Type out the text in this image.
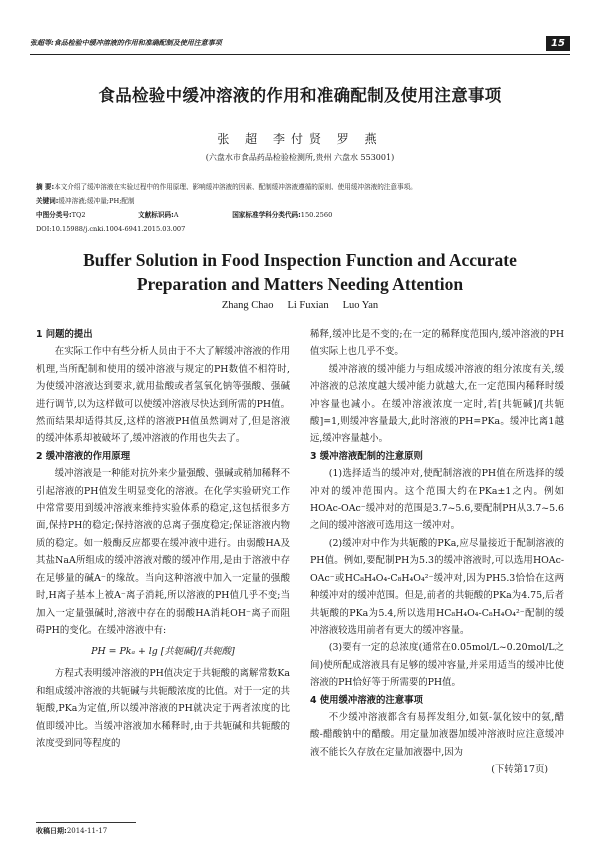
张超等:食品检验中缓冲溶液的作用和准确配制及使用注意事项	15
食品检验中缓冲溶液的作用和准确配制及使用注意事项
张 超 李付贤 罗 燕
(六盘水市食品药品检验检测所,贵州 六盘水 553001)
摘 要:本文介绍了缓冲溶液在实验过程中的作用原理、影响缓冲溶液的因素、配制缓冲溶液遵循的原则、使用缓冲溶液的注意事项。
关键词:缓冲溶液;缓冲量;PH;配制
中图分类号:TQ2	文献标识码:A	国家标准学科分类代码:150.2560
DOI:10.15988/j.cnki.1004-6941.2015.03.007
Buffer Solution in Food Inspection Function and Accurate
Preparation and Matters Needing Attention
Zhang Chao Li Fuxian Luo Yan
1 问题的提出

在实际工作中有些分析人员由于不大了解缓冲溶液的作用机理,当所配制和使用的缓冲溶液与规定的PH数值不相符时,为使缓冲溶液达到要求,就用盐酸或者氢氧化钠等强酸、强碱进行调节,以为这样做可以使缓冲溶液尽快达到所需的PH值。然而结果却适得其反,这样的溶液PH值虽然调对了,但是溶液的缓冲体系却被破坏了,缓冲溶液的作用也失去了。

2 缓冲溶液的作用原理

缓冲溶液是一种能对抗外来少量强酸、强碱或稍加稀释不引起溶液的PH值发生明显变化的溶液。在化学实验研究工作中常常要用到缓冲溶液来维持实验体系的稳定,这包括很多方面,保持PH的稳定;保持溶液的总离子强度稳定;保证溶液内物质的稳定。如一般酶反应都要在缓冲液中进行。由弱酸HA及其盐NaA所组成的缓冲溶液对酸的缓冲作用,是由于溶液中存在足够量的碱A⁻的缘故。当向这种溶液中加入一定量的强酸时,H离子基本上被A⁻离子消耗,所以溶液的PH值几乎不变;当加入一定量强碱时,溶液中存在的弱酸HA消耗OH⁻离子而阻碍PH的变化。在缓冲溶液中有:

PH = Pkₐ + lg [共轭碱]/[共轭酸]

方程式表明缓冲溶液的PH值决定于共轭酸的离解常数Ka和组成缓冲溶液的共轭碱与共轭酸浓度的比值。对于一定的共轭酸,PKa为定值,所以缓冲溶液的PH就决定于两者浓度的比值即缓冲比。当缓冲溶液加水稀释时,由于共轭碱和共轭酸的浓度受到同等程度的

稀释,缓冲比是不变的;在一定的稀释度范围内,缓冲溶液的PH值实际上也几乎不变。

缓冲溶液的缓冲能力与组成缓冲溶液的组分浓度有关,缓冲溶液的总浓度越大缓冲能力就越大,在一定范围内稀释时缓冲容量也减小。在缓冲溶液浓度一定时,若[共轭碱]/[共轭酸]=1,则缓冲容量最大,此时溶液的PH=PKa。缓冲比离1越远,缓冲容量越小。

3 缓冲溶液配制的注意原则

(1)选择适当的缓冲对,使配制溶液的PH值在所选择的缓冲对的缓冲范围内。这个范围大约在PKa±1之内。例如HOAc-OAc⁻缓冲对的范围是3.7~5.6,要配制PH从3.7~5.6之间的缓冲溶液可选用这一缓冲对。

(2)缓冲对中作为共轭酸的PKa,应尽量接近于配制溶液的PH值。例如,要配制PH为5.3的缓冲溶液时,可以选用HOAc-OAc⁻或HC₈H₄O₄-C₈H₄O₄²⁻缓冲对,因为PH5.3恰恰在这两种缓冲对的缓冲范围。但是,前者的共轭酸的PKa为4.75,后者共轭酸的PKa为5.4,所以选用HC₈H₄O₄-C₈H₄O₄²⁻配制的缓冲溶液较选用前者有更大的缓冲容量。

(3)要有一定的总浓度(通常在0.05mol/L~0.20mol/L之间)使所配成溶液具有足够的缓冲容量,并采用适当的缓冲比使溶液的PH恰好等于所需要的PH值。

4 使用缓冲溶液的注意事项

不少缓冲溶液都含有易挥发组分,如氨-氯化铵中的氨,醋酸-醋酸钠中的醋酸。用定量加液器加缓冲溶液时应注意缓冲液不能长久存放在定量加液器中,因为

(下转第17页)
收稿日期:2014-11-17
